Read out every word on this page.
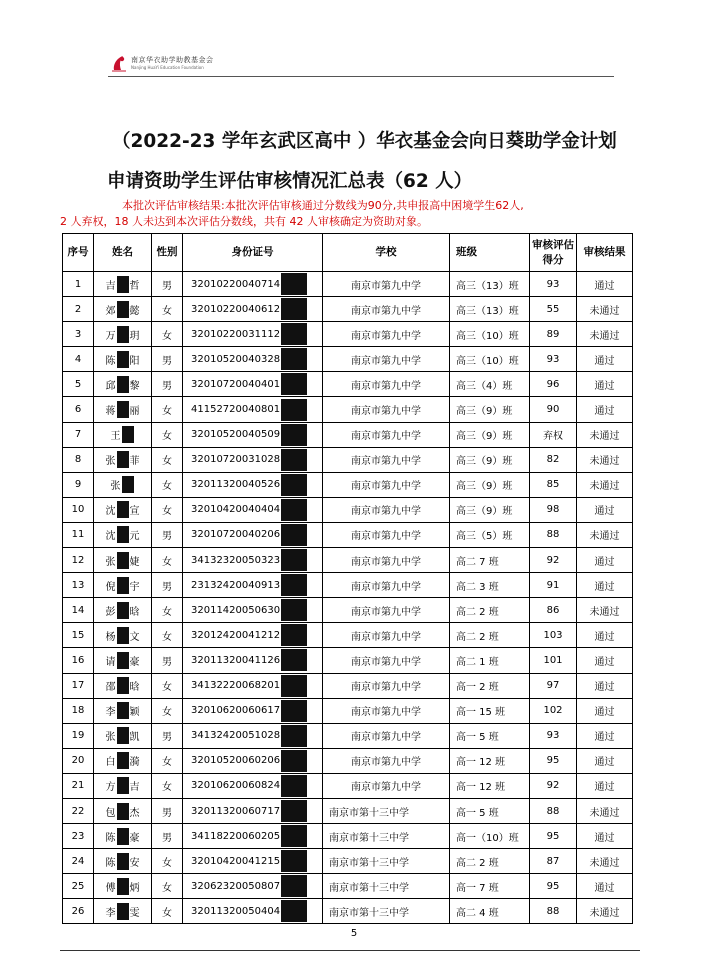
南京华衣助学助教基金会
Nanjing HuaYi Education Foundation
（2022-23 学年玄武区高中 ）华衣基金会向日葵助学金计划
申请资助学生评估审核情况汇总表（62 人）
本批次评估审核结果:本批次评估审核通过分数线为90分,共申报高中困境学生62人,
2 人弃权，18 人未达到本次评估分数线，共有 42 人审核确定为资助对象。
序号	姓名	性别	身份证号	学校	班级	审核评估得分	审核结果
1	吉 哲	男	32010220040714	南京市第九中学	高三（13）班	93	通过
2	郊 懿	女	32010220040612	南京市第九中学	高三（13）班	55	未通过
3	万 玥	女	32010220031112	南京市第九中学	高三（10）班	89	未通过
4	陈 阳	男	32010520040328	南京市第九中学	高三（10）班	93	通过
5	邱 黎	男	32010720040401	南京市第九中学	高三（4）班	96	通过
6	蒋 丽	女	41152720040801	南京市第九中学	高三（9）班	90	通过
7	王	女	32010520040509	南京市第九中学	高三（9）班	弃权	未通过
8	张 菲	女	32010720031028	南京市第九中学	高三（9）班	82	未通过
9	张	女	32011320040526	南京市第九中学	高三（9）班	85	未通过
10	沈 宣	女	32010420040404	南京市第九中学	高三（9）班	98	通过
11	沈 元	男	32010720040206	南京市第九中学	高三（5）班	88	未通过
12	张 婕	女	34132320050323	南京市第九中学	高二 7 班	92	通过
13	倪 宇	男	23132420040913	南京市第九中学	高二 3 班	91	通过
14	彭 晗	女	32011420050630	南京市第九中学	高二 2 班	86	未通过
15	杨 文	女	32012420041212	南京市第九中学	高二 2 班	103	通过
16	请 豪	男	32011320041126	南京市第九中学	高二 1 班	101	通过
17	邵 晗	女	34132220068201	南京市第九中学	高一 2 班	97	通过
18	李 颖	女	32010620060617	南京市第九中学	高一 15 班	102	通过
19	张 凯	男	34132420051028	南京市第九中学	高一 5 班	93	通过
20	白 漪	女	32010520060206	南京市第九中学	高一 12 班	95	通过
21	方 吉	女	32010620060824	南京市第九中学	高一 12 班	92	通过
22	包 杰	男	32011320060717	南京市第十三中学	高一 5 班	88	未通过
23	陈 豪	男	34118220060205	南京市第十三中学	高一（10）班	95	通过
24	陈 安	女	32010420041215	南京市第十三中学	高二 2 班	87	未通过
25	傅 炳	女	32062320050807	南京市第十三中学	高一 7 班	95	通过
26	李 雯	女	32011320050404	南京市第十三中学	高二 4 班	88	未通过
5
